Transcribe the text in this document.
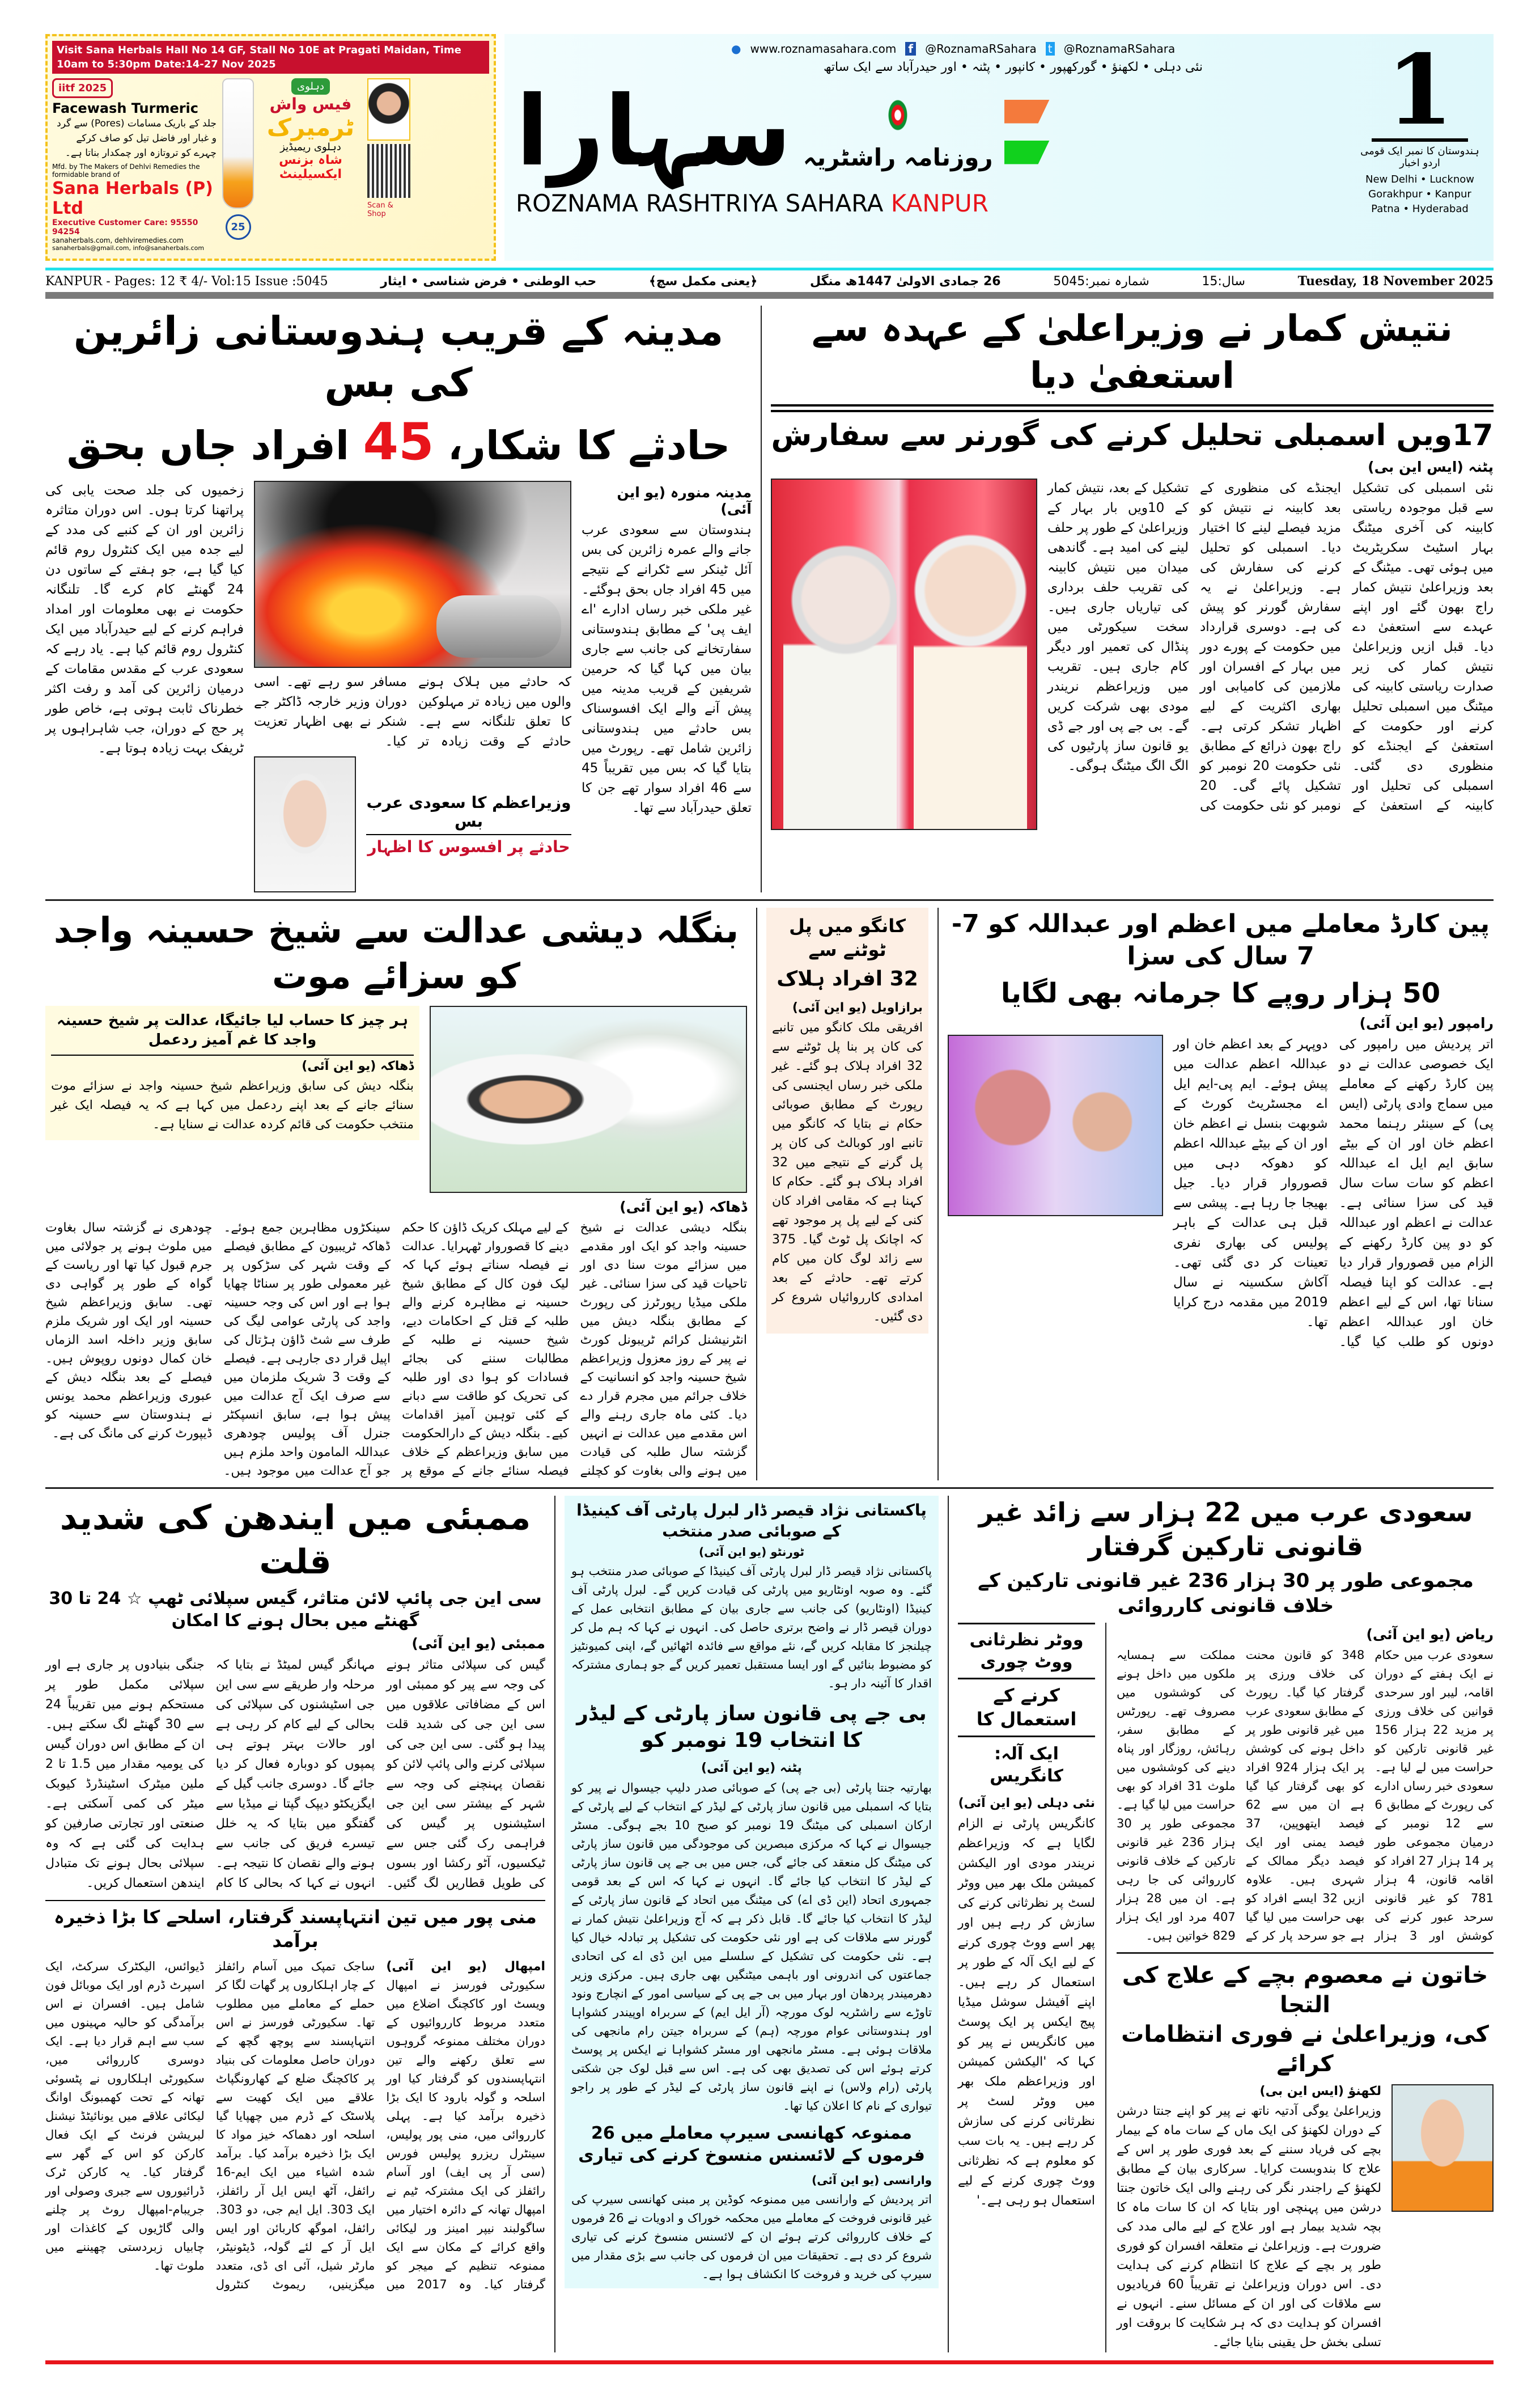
Visit Sana Herbals Hall No 14 GF, Stall No 10E at Pragati Maidan, Time 10am to 5:30pm Date:14-27 Nov 2025
iitf 2025
Facewash Turmeric
جلد کے باریک مسامات (Pores) سے گرد و غبار اور فاضل تیل کو صاف کرکے چہرے کو تروتازہ اور چمکدار بناتا ہے۔
Mfd. by The Makers of Dehlvi Remedies the formidable brand of
Sana Herbals (P) Ltd
Executive Customer Care: 95550 94254
sanaherbals.com, dehlviremedies.com
sanaherbals@gmail.com, info@sanaherbals.com
25
دہلوی
فیس واش
ٹرمیرک
دہلوی ریمیڈیز
شاہ بزنس ایکسیلینٹ
Scan & Shop
● www.roznamasahara.com f @RoznamaRSahara t @RoznamaRSahara
نئی دہلی • لکھنؤ • گورکھپور • کانپور • پٹنہ • اور حیدرآباد سے ایک ساتھ
سہارا روزنامہ راشٹریہ
ROZNAMA RASHTRIYA SAHARA KANPUR
1
ہندوستان کا نمبر ایک قومی اردو اخبار
New Delhi • Lucknow
Gorakhpur • Kanpur
Patna • Hyderabad
KANPUR - Pages: 12 ₹ 4/- Vol:15 Issue :5045	حب الوطنی • فرض شناسی • ایثار	﴿یعنی مکمل سچ﴾	26 جمادی الاولیٰ 1447ھ منگل	شمارہ نمبر:5045	سال:15	Tuesday, 18 November 2025
نتیش کمار نے وزیراعلیٰ کے عہدہ سے استعفیٰ دیا
17ویں اسمبلی تحلیل کرنے کی گورنر سے سفارش
پٹنہ (ایس این بی)
نئی اسمبلی کی تشکیل سے قبل موجودہ ریاستی کابینہ کی آخری میٹنگ بہار اسٹیٹ سکریٹریٹ میں ہوئی تھی۔ میٹنگ کے بعد وزیراعلیٰ نتیش کمار راج بھون گئے اور اپنے عہدے سے استعفیٰ دے دیا۔ قبل ازیں وزیراعلیٰ نتیش کمار کی زیر صدارت ریاستی کابینہ کی میٹنگ میں اسمبلی تحلیل کرنے اور حکومت کے استعفیٰ کے ایجنڈے کو منظوری دی گئی۔ اسمبلی کی تحلیل اور کابینہ کے استعفیٰ کے ایجنڈے کی منظوری کے بعد کابینہ نے نتیش کو مزید فیصلے لینے کا اختیار دیا۔ اسمبلی کو تحلیل کرنے کی سفارش کی ہے۔ وزیراعلیٰ نے یہ سفارش گورنر کو پیش کی ہے۔ دوسری قرارداد میں حکومت کے پورے دور میں بہار کے افسران اور ملازمین کی کامیابی اور بھاری اکثریت کے لیے اظہار تشکر کرتی ہے۔ راج بھون ذرائع کے مطابق نئی حکومت 20 نومبر کو تشکیل پائے گی۔ 20 نومبر کو نئی حکومت کی تشکیل کے بعد، نتیش کمار کے 10ویں بار بہار کے وزیراعلیٰ کے طور پر حلف لینے کی امید ہے۔ گاندھی میدان میں نتیش کابینہ کی تقریب حلف برداری کی تیاریاں جاری ہیں۔ سخت سیکورٹی میں پنڈال کی تعمیر اور دیگر کام جاری ہیں۔ تقریب میں وزیراعظم نریندر مودی بھی شرکت کریں گے۔ بی جے پی اور جے ڈی یو قانون ساز پارٹیوں کی الگ الگ میٹنگ ہوگی۔
مدینہ کے قریب ہندوستانی زائرین کی بس
حادثے کا شکار، 45 افراد جاں بحق
مدینہ منورہ (یو این آئی)
ہندوستان سے سعودی عرب جانے والے عمرہ زائرین کی بس آئل ٹینکر سے ٹکرانے کے نتیجے میں 45 افراد جاں بحق ہوگئے۔ غیر ملکی خبر رساں ادارے 'اے ایف پی' کے مطابق ہندوستانی سفارتخانے کی جانب سے جاری بیان میں کہا گیا کہ حرمین شریفین کے قریب مدینہ میں پیش آنے والے ایک افسوسناک بس حادثے میں ہندوستانی زائرین شامل تھے۔ رپورٹ میں بتایا گیا کہ بس میں تقریباً 45 سے 46 افراد سوار تھے جن کا تعلق حیدرآباد سے تھا۔
کہ حادثے میں ہلاک ہونے والوں میں زیادہ تر مہلوکین کا تعلق تلنگانہ سے ہے۔ حادثے کے وقت زیادہ تر مسافر سو رہے تھے۔ اسی دوران وزیر خارجہ ڈاکٹر جے شنکر نے بھی اظہار تعزیت کیا۔
وزیراعظم کا سعودی عرب بس
حادثے پر افسوس کا اظہار
زخمیوں کی جلد صحت یابی کی پراتھنا کرتا ہوں۔ اس دوران متاثرہ زائرین اور ان کے کنبے کی مدد کے لیے جدہ میں ایک کنٹرول روم قائم کیا گیا ہے، جو ہفتے کے ساتوں دن 24 گھنٹے کام کرے گا۔ تلنگانہ حکومت نے بھی معلومات اور امداد فراہم کرنے کے لیے حیدرآباد میں ایک کنٹرول روم قائم کیا ہے۔ یاد رہے کہ سعودی عرب کے مقدس مقامات کے درمیان زائرین کی آمد و رفت اکثر خطرناک ثابت ہوتی ہے، خاص طور پر حج کے دوران، جب شاہراہوں پر ٹریفک بہت زیادہ ہوتا ہے۔
پین کارڈ معاملے میں اعظم اور عبداللہ کو 7-7 سال کی سزا
50 ہزار روپے کا جرمانہ بھی لگایا
رامپور (یو این آئی)
اتر پردیش میں رامپور کی ایک خصوصی عدالت نے دو پین کارڈ رکھنے کے معاملے میں سماج وادی پارٹی (ایس پی) کے سینئر رہنما محمد اعظم خان اور ان کے بیٹے سابق ایم ایل اے عبداللہ اعظم کو سات سات سال قید کی سزا سنائی ہے۔ عدالت نے اعظم اور عبداللہ کو دو پین کارڈ رکھنے کے الزام میں قصوروار قرار دیا ہے۔ عدالت کو اپنا فیصلہ سنانا تھا، اس کے لیے اعظم خان اور عبداللہ اعظم دونوں کو طلب کیا گیا۔ دوپہر کے بعد اعظم خان اور عبداللہ اعظم عدالت میں پیش ہوئے۔ ایم پی-ایم ایل اے مجسٹریٹ کورٹ کے شوبھت بنسل نے اعظم خان اور ان کے بیٹے عبداللہ اعظم کو دھوکہ دہی میں قصوروار قرار دیا۔ جیل بھیجا جا رہا ہے۔ پیشی سے قبل ہی عدالت کے باہر پولیس کی بھاری نفری تعینات کر دی گئی تھی۔ آکاش سکسینہ نے سال 2019 میں مقدمہ درج کرایا تھا۔
کانگو میں پل ٹوٹنے سے
32 افراد ہلاک
برازاویل (یو این آئی)
افریقی ملک کانگو میں تانبے کی کان پر بنا پل ٹوٹنے سے 32 افراد ہلاک ہو گئے۔ غیر ملکی خبر رساں ایجنسی کی رپورٹ کے مطابق صوبائی حکام نے بتایا کہ کانگو میں تانبے اور کوبالٹ کی کان پر پل گرنے کے نتیجے میں 32 افراد ہلاک ہو گئے۔ حکام کا کہنا ہے کہ مقامی افراد کان کنی کے لیے پل پر موجود تھے کہ اچانک پل ٹوٹ گیا۔ 375 سے زائد لوگ کان میں کام کرتے تھے۔ حادثے کے بعد امدادی کارروائیاں شروع کر دی گئیں۔
بنگلہ دیشی عدالت سے شیخ حسینہ واجد کو سزائے موت
ہر چیز کا حساب لیا جائیگا، عدالت پر شیخ حسینہ واجد کا غم آمیز ردعمل
ڈھاکہ (یو این آئی)
بنگلہ دیش کی سابق وزیراعظم شیخ حسینہ واجد نے سزائے موت سنائے جانے کے بعد اپنے ردعمل میں کہا ہے کہ یہ فیصلہ ایک غیر منتخب حکومت کی قائم کردہ عدالت نے سنایا ہے۔
ڈھاکہ (یو این آئی)
بنگلہ دیشی عدالت نے شیخ حسینہ واجد کو ایک اور مقدمے میں سزائے موت سنا دی اور تاحیات قید کی سزا سنائی۔ غیر ملکی میڈیا رپورٹرز کی رپورٹ کے مطابق بنگلہ دیش میں انٹرنیشنل کرائم ٹریبونل کورٹ نے پیر کے روز معزول وزیراعظم شیخ حسینہ واجد کو انسانیت کے خلاف جرائم میں مجرم قرار دے دیا۔ کئی ماہ جاری رہنے والے اس مقدمے میں عدالت نے انہیں گزشتہ سال طلبہ کی قیادت میں ہونے والی بغاوت کو کچلنے کے لیے مہلک کریک ڈاؤن کا حکم دینے کا قصوروار ٹھہرایا۔ عدالت نے فیصلہ سناتے ہوئے کہا کہ لیک فون کال کے مطابق شیخ حسینہ نے مظاہرہ کرنے والے طلبہ کے قتل کے احکامات دیے، شیخ حسینہ نے طلبہ کے مطالبات سننے کی بجائے فسادات کو ہوا دی اور طلبہ کی تحریک کو طاقت سے دبانے کے کئی توہین آمیز اقدامات کیے۔ بنگلہ دیش کے دارالحکومت میں سابق وزیراعظم کے خلاف فیصلہ سنائے جانے کے موقع پر سینکڑوں مظاہرین جمع ہوئے۔ ڈھاکہ ٹریبیون کے مطابق فیصلے کے وقت شہر کی سڑکوں پر غیر معمولی طور پر سناٹا چھایا ہوا ہے اور اس کی وجہ حسینہ واجد کی پارٹی عوامی لیگ کی طرف سے شٹ ڈاؤن ہڑتال کی اپیل قرار دی جارہی ہے۔ فیصلے کے وقت 3 شریک ملزمان میں سے صرف ایک آج عدالت میں پیش ہوا ہے، سابق انسپکٹر جنرل آف پولیس چودھری عبداللہ المامون واحد ملزم ہیں جو آج عدالت میں موجود ہیں۔ چودھری نے گزشتہ سال بغاوت میں ملوث ہونے پر جولائی میں جرم قبول کیا تھا اور ریاست کے گواہ کے طور پر گواہی دی تھی۔ سابق وزیراعظم شیخ حسینہ اور ایک اور شریک ملزم سابق وزیر داخلہ اسد الزماں خان کمال دونوں روپوش ہیں۔ فیصلے کے بعد بنگلہ دیش کے عبوری وزیراعظم محمد یونس نے ہندوستان سے حسینہ کو ڈیپورٹ کرنے کی مانگ کی ہے۔
سعودی عرب میں 22 ہزار سے زائد غیر قانونی تارکین گرفتار
مجموعی طور پر 30 ہزار 236 غیر قانونی تارکین کے خلاف قانونی کارروائی
ریاض (یو این آئی)
سعودی عرب میں حکام نے ایک ہفتے کے دوران اقامہ، لیبر اور سرحدی قوانین کی خلاف ورزی پر مزید 22 ہزار 156 غیر قانونی تارکین کو حراست میں لے لیا ہے۔ سعودی خبر رساں ادارے کی رپورٹ کے مطابق 6 سے 12 نومبر کے درمیان مجموعی طور پر 14 ہزار 27 افراد کو اقامہ قانون، 4 ہزار 781 کو غیر قانونی سرحد عبور کرنے کی کوشش اور 3 ہزار 348 کو قانون محنت کی خلاف ورزی پر گرفتار کیا گیا۔ رپورٹ کے مطابق سعودی عرب میں غیر قانونی طور پر داخل ہونے کی کوشش پر ایک ہزار 924 افراد کو بھی گرفتار کیا گیا ہے ان میں سے 62 فیصد ایتھوپین، 37 فیصد یمنی اور ایک فیصد دیگر ممالک کے شہری ہیں۔ علاوہ ازیں 32 ایسے افراد کو بھی حراست میں لیا گیا ہے جو سرحد پار کر کے مملکت سے ہمسایہ ملکوں میں داخل ہونے کی کوششوں میں مصروف تھے۔ رپورٹس کے مطابق سفر، رہائش، روزگار اور پناہ دینے کی کوششوں میں ملوث 31 افراد کو بھی حراست میں لیا گیا ہے۔ مجموعی طور پر 30 ہزار 236 غیر قانونی تارکین کے خلاف قانونی کارروائی کی جا رہی ہے۔ ان میں 28 ہزار 407 مرد اور ایک ہزار 829 خواتین ہیں۔
خاتون نے معصوم بچے کے علاج کی التجا
کی، وزیراعلیٰ نے فوری انتظامات کرائے
لکھنؤ (ایس این بی)
وزیراعلیٰ یوگی آدتیہ ناتھ نے پیر کو اپنے جنتا درشن کے دوران لکھنؤ کی ایک ماں کے سات ماہ کے بیمار بچے کی فریاد سننے کے بعد فوری طور پر اس کے علاج کا بندوبست کرایا۔ سرکاری بیان کے مطابق لکھنؤ کے راجندر نگر کی رہنے والی ایک خاتون جنتا درشن میں پہنچی اور بتایا کہ ان کا سات ماہ کا بچہ شدید بیمار ہے اور علاج کے لیے مالی مدد کی ضرورت ہے۔ وزیراعلیٰ نے متعلقہ افسران کو فوری طور پر بچے کے علاج کا انتظام کرنے کی ہدایت دی۔ اس دوران وزیراعلیٰ نے تقریباً 60 فریادیوں سے ملاقات کی اور ان کے مسائل سنے۔ انہوں نے افسران کو ہدایت دی کہ ہر شکایت کا بروقت اور تسلی بخش حل یقینی بنایا جائے۔
ووٹر نظرثانی ووٹ چوری
کرنے کے استعمال کا
ایک آلہ: کانگریس
نئی دہلی (یو این آئی)
کانگریس پارٹی نے الزام لگایا ہے کہ وزیراعظم نریندر مودی اور الیکشن کمیشن ملک بھر میں ووٹر لسٹ پر نظرثانی کرنے کی سازش کر رہے ہیں اور پھر اسے ووٹ چوری کرنے کے لیے ایک آلہ کے طور پر استعمال کر رہے ہیں۔ اپنے آفیشل سوشل میڈیا پیج ایکس پر ایک پوسٹ میں کانگریس نے پیر کو کہا کہ 'الیکشن کمیشن اور وزیراعظم ملک بھر میں ووٹر لسٹ پر نظرثانی کرنے کی سازش کر رہے ہیں۔ یہ بات سب کو معلوم ہے کہ نظرثانی ووٹ چوری کرنے کے لیے استعمال ہو رہی ہے۔'
پاکستانی نژاد قیصر ڈار لبرل پارٹی آف کینیڈا کے صوبائی صدر منتخب
ٹورنٹو (یو این آئی)
پاکستانی نژاد قیصر ڈار لبرل پارٹی آف کینیڈا کے صوبائی صدر منتخب ہو گئے۔ وہ صوبہ اونٹاریو میں پارٹی کی قیادت کریں گے۔ لبرل پارٹی آف کینیڈا (اونٹاریو) کی جانب سے جاری بیان کے مطابق انتخابی عمل کے دوران قیصر ڈار نے واضح برتری حاصل کی۔ انہوں نے کہا کہ ہم مل کر چیلنجز کا مقابلہ کریں گے، نئے مواقع سے فائدہ اٹھائیں گے، اپنی کمیونٹیز کو مضبوط بنائیں گے اور ایسا مستقبل تعمیر کریں گے جو ہماری مشترکہ اقدار کا آئینہ دار ہو۔
بی جے پی قانون ساز پارٹی کے لیڈر کا انتخاب 19 نومبر کو
پٹنہ (یو این آئی)
بھارتیہ جنتا پارٹی (بی جے پی) کے صوبائی صدر دلیپ جیسوال نے پیر کو بتایا کہ اسمبلی میں قانون ساز پارٹی کے لیڈر کے انتخاب کے لیے پارٹی کے ارکان اسمبلی کی میٹنگ 19 نومبر کو صبح 10 بجے ہوگی۔ مسٹر جیسوال نے کہا کہ مرکزی مبصرین کی موجودگی میں قانون ساز پارٹی کی میٹنگ کل منعقد کی جائے گی، جس میں بی جے پی قانون ساز پارٹی کے لیڈر کا انتخاب کیا جائے گا۔ انہوں نے کہا کہ اس کے بعد قومی جمہوری اتحاد (این ڈی اے) کی میٹنگ میں اتحاد کے قانون ساز پارٹی کے لیڈر کا انتخاب کیا جائے گا۔ قابل ذکر ہے کہ آج وزیراعلیٰ نتیش کمار نے گورنر سے ملاقات کی ہے اور نئی حکومت کی تشکیل پر تبادلہ خیال کیا ہے۔ نئی حکومت کی تشکیل کے سلسلے میں این ڈی اے کی اتحادی جماعتوں کی اندرونی اور باہمی میٹنگیں بھی جاری ہیں۔ مرکزی وزیر دھرمیندر پردھان اور بہار میں بی جے پی کے سیاسی امور کے انچارج ونود تاوڑے سے راشٹریہ لوک مورچہ (آر ایل ایم) کے سربراہ اوپیندر کشواہا اور ہندوستانی عوام مورچہ (ہم) کے سربراہ جیتن رام مانجھی کی ملاقات ہوئی ہے۔ مسٹر مانجھی اور مسٹر کشواہا نے ایکس پر پوسٹ کرتے ہوئے اس کی تصدیق بھی کی ہے۔ اس سے قبل لوک جن شکتی پارٹی (رام ولاس) نے اپنے قانون ساز پارٹی کے لیڈر کے طور پر راجو تیواری کے نام کا اعلان کیا تھا۔
ممنوعہ کھانسی سیرپ معاملے میں 26 فرموں کے لائسنس منسوخ کرنے کی تیاری
وارانسی (یو این آئی)
اتر پردیش کے وارانسی میں ممنوعہ کوڈین پر مبنی کھانسی سیرپ کی غیر قانونی فروخت کے معاملے میں محکمہ خوراک و ادویات نے 26 فرموں کے خلاف کارروائی کرتے ہوئے ان کے لائسنس منسوخ کرنے کی تیاری شروع کر دی ہے۔ تحقیقات میں ان فرموں کی جانب سے بڑی مقدار میں سیرپ کی خرید و فروخت کا انکشاف ہوا ہے۔
ممبئی میں ایندھن کی شدید قلت
سی این جی پائپ لائن متاثر، گیس سپلائی ٹھپ ☆ 24 تا 30 گھنٹے میں بحال ہونے کا امکان
ممبئی (یو این آئی)
گیس کی سپلائی متاثر ہونے کی وجہ سے پیر کو ممبئی اور اس کے مضافاتی علاقوں میں سی این جی کی شدید قلت پیدا ہو گئی۔ سی این جی کی سپلائی کرنے والی پائپ لائن کو نقصان پہنچنے کی وجہ سے شہر کے بیشتر سی این جی اسٹیشنوں پر گیس کی فراہمی رک گئی جس سے ٹیکسیوں، آٹو رکشا اور بسوں کی طویل قطاریں لگ گئیں۔ مہانگر گیس لمیٹڈ نے بتایا کہ مرحلہ وار طریقے سے سی این جی اسٹیشنوں کی سپلائی کی بحالی کے لیے کام کر رہی ہے اور حالات بہتر ہوتے ہی پمپوں کو دوبارہ فعال کر دیا جائے گا۔ دوسری جانب گیل کے ایگزیکٹو دیپک گپتا نے میڈیا سے گفتگو میں بتایا کہ یہ خلل تیسرے فریق کی جانب سے ہونے والے نقصان کا نتیجہ ہے۔ انہوں نے کہا کہ بحالی کا کام جنگی بنیادوں پر جاری ہے اور سپلائی مکمل طور پر مستحکم ہونے میں تقریباً 24 سے 30 گھنٹے لگ سکتے ہیں۔ ان کے مطابق اس دوران گیس کی یومیہ مقدار میں 1.5 تا 2 ملین میٹرک اسٹینڈرڈ کیوبک میٹر کی کمی آسکتی ہے۔ صنعتی اور تجارتی صارفین کو ہدایت کی گئی ہے کہ وہ سپلائی بحال ہونے تک متبادل ایندھن استعمال کریں۔
منی پور میں تین انتہاپسند گرفتار، اسلحے کا بڑا ذخیرہ برآمد
امپھال (یو این آئی) سکیورٹی فورسز نے امپھال ویسٹ اور کاکچنگ اضلاع میں متعدد مربوط کارروائیوں کے دوران مختلف ممنوعہ گروہوں سے تعلق رکھنے والے تین انتہاپسندوں کو گرفتار کیا اور اسلحہ و گولہ بارود کا ایک بڑا ذخیرہ برآمد کیا ہے۔ پہلی کارروائی میں، منی پور پولیس، سینٹرل ریزرو پولیس فورس (سی آر پی ایف) اور آسام رائفلز کی ایک مشترکہ ٹیم نے امپھال تھانہ کے دائرہ اختیار میں ساگولبند نیپر امینز ور لیکائی واقع کرائے کے مکان سے ایک ممنوعہ تنظیم کے میجر کو گرفتار کیا۔ وہ 2017 میں ساجک تمپک میں آسام رائفلز کے چار اہلکاروں پر گھات لگا کر حملے کے معاملے میں مطلوب تھا۔ سکیورٹی فورسز نے اس انتہاپسند سے پوچھ گچھ کے دوران حاصل معلومات کی بنیاد پر کاکچنگ ضلع کے کھارونگپاٹ علاقے میں ایک کھیت سے پلاسٹک کے ڈرم میں چھپایا گیا اسلحہ اور دھماکہ خیز مواد کا ایک بڑا ذخیرہ برآمد کیا۔ برآمد شدہ اشیاء میں ایک ایم-16 رائفل، آٹھ ایس ایل آر رائفلز، ایک 303. ایل ایم جی، دو 303. رائفل، اموگھ کاربائن اور ایس ایل آر کے لئے گولہ، ڈیٹونیٹر، مارٹر شیل، آئی ای ڈی، متعدد میگزینیں، ریموٹ کنٹرول ڈیوائس، الیکٹرک سرکٹ، ایک اسپرٹ ڈرم اور ایک موبائل فون شامل ہیں۔ افسران نے اس برآمدگی کو حالیہ مہینوں میں سب سے اہم قرار دیا ہے۔ ایک دوسری کارروائی میں، سکیورٹی اہلکاروں نے پٹسوئی تھانہ کے تحت کھمبونگ اوانگ لیکائی علاقے میں یونائیٹڈ نیشنل لبریشن فرنٹ کے ایک فعال کارکن کو اس کے گھر سے گرفتار کیا۔ یہ کارکن ٹرک ڈرائیوروں سے جبری وصولی اور جریبام-امپھال روٹ پر چلنے والی گاڑیوں کے کاغذات اور چابیاں زبردستی چھیننے میں ملوث تھا۔
